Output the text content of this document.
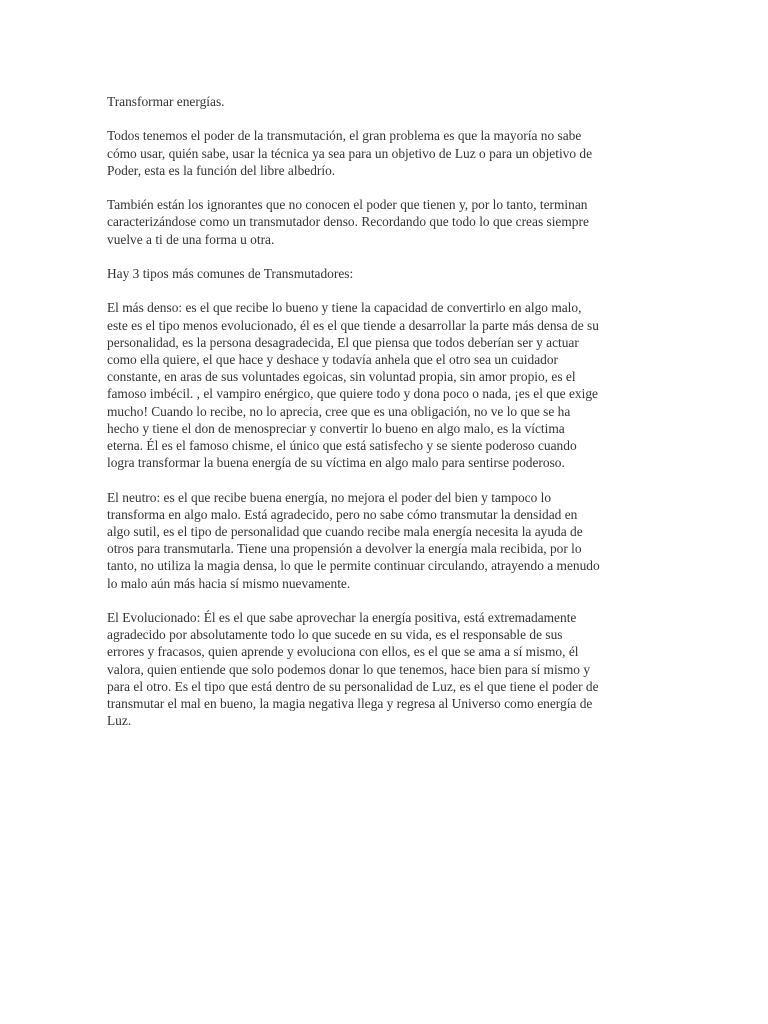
Transformar energías.

Todos tenemos el poder de la transmutación, el gran problema es que la mayoría no sabe
cómo usar, quién sabe, usar la técnica ya sea para un objetivo de Luz o para un objetivo de
Poder, esta es la función del libre albedrío.

También están los ignorantes que no conocen el poder que tienen y, por lo tanto, terminan
caracterizándose como un transmutador denso. Recordando que todo lo que creas siempre
vuelve a ti de una forma u otra.

Hay 3 tipos más comunes de Transmutadores:

El más denso: es el que recibe lo bueno y tiene la capacidad de convertirlo en algo malo,
este es el tipo menos evolucionado, él es el que tiende a desarrollar la parte más densa de su
personalidad, es la persona desagradecida, El que piensa que todos deberían ser y actuar
como ella quiere, el que hace y deshace y todavía anhela que el otro sea un cuidador
constante, en aras de sus voluntades egoicas, sin voluntad propia, sin amor propio, es el
famoso imbécil. , el vampiro enérgico, que quiere todo y dona poco o nada, ¡es el que exige
mucho! Cuando lo recibe, no lo aprecia, cree que es una obligación, no ve lo que se ha
hecho y tiene el don de menospreciar y convertir lo bueno en algo malo, es la víctima
eterna. Él es el famoso chisme, el único que está satisfecho y se siente poderoso cuando
logra transformar la buena energía de su víctima en algo malo para sentirse poderoso.

El neutro: es el que recibe buena energía, no mejora el poder del bien y tampoco lo
transforma en algo malo. Está agradecido, pero no sabe cómo transmutar la densidad en
algo sutil, es el tipo de personalidad que cuando recibe mala energía necesita la ayuda de
otros para transmutarla. Tiene una propensión a devolver la energía mala recibida, por lo
tanto, no utiliza la magia densa, lo que le permite continuar circulando, atrayendo a menudo
lo malo aún más hacia sí mismo nuevamente.

El Evolucionado: Él es el que sabe aprovechar la energía positiva, está extremadamente
agradecido por absolutamente todo lo que sucede en su vida, es el responsable de sus
errores y fracasos, quien aprende y evoluciona con ellos, es el que se ama a sí mismo, él
valora, quien entiende que solo podemos donar lo que tenemos, hace bien para sí mismo y
para el otro. Es el tipo que está dentro de su personalidad de Luz, es el que tiene el poder de
transmutar el mal en bueno, la magia negativa llega y regresa al Universo como energía de
Luz.
